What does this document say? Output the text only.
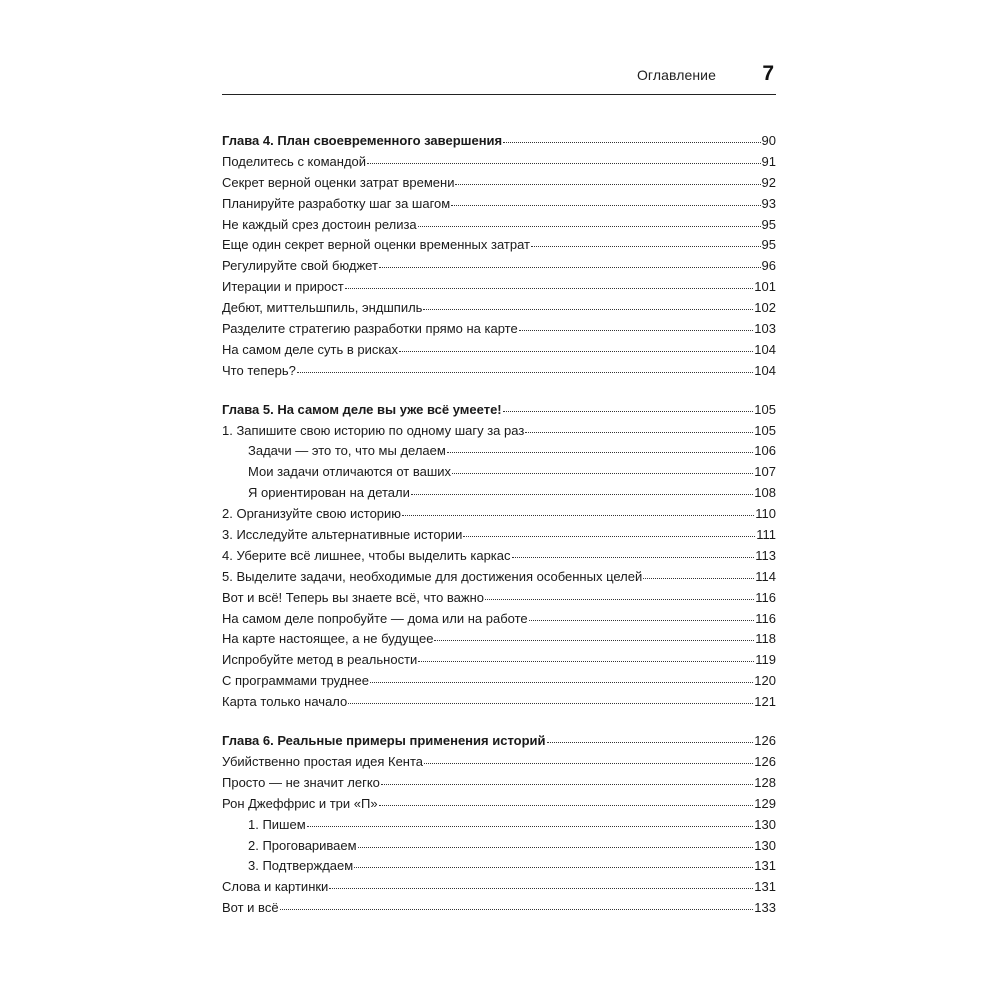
Оглавление 7
Глава 4. План своевременного завершения	90
Поделитесь с командой	91
Секрет верной оценки затрат времени	92
Планируйте разработку шаг за шагом	93
Не каждый срез достоин релиза	95
Еще один секрет верной оценки временных затрат	95
Регулируйте свой бюджет	96
Итерации и прирост	101
Дебют, миттельшпиль, эндшпиль	102
Разделите стратегию разработки прямо на карте	103
На самом деле суть в рисках	104
Что теперь?	104
Глава 5. На самом деле вы уже всё умеете!	105
1. Запишите свою историю по одному шагу за раз	105
Задачи — это то, что мы делаем	106
Мои задачи отличаются от ваших	107
Я ориентирован на детали	108
2. Организуйте свою историю	110
3. Исследуйте альтернативные истории	111
4. Уберите всё лишнее, чтобы выделить каркас	113
5. Выделите задачи, необходимые для достижения особенных целей	114
Вот и всё! Теперь вы знаете всё, что важно	116
На самом деле попробуйте — дома или на работе	116
На карте настоящее, а не будущее	118
Испробуйте метод в реальности	119
С программами труднее	120
Карта только начало	121
Глава 6. Реальные примеры применения историй	126
Убийственно простая идея Кента	126
Просто — не значит легко	128
Рон Джеффрис и три «П»	129
1. Пишем	130
2. Проговариваем	130
3. Подтверждаем	131
Слова и картинки	131
Вот и всё	133
